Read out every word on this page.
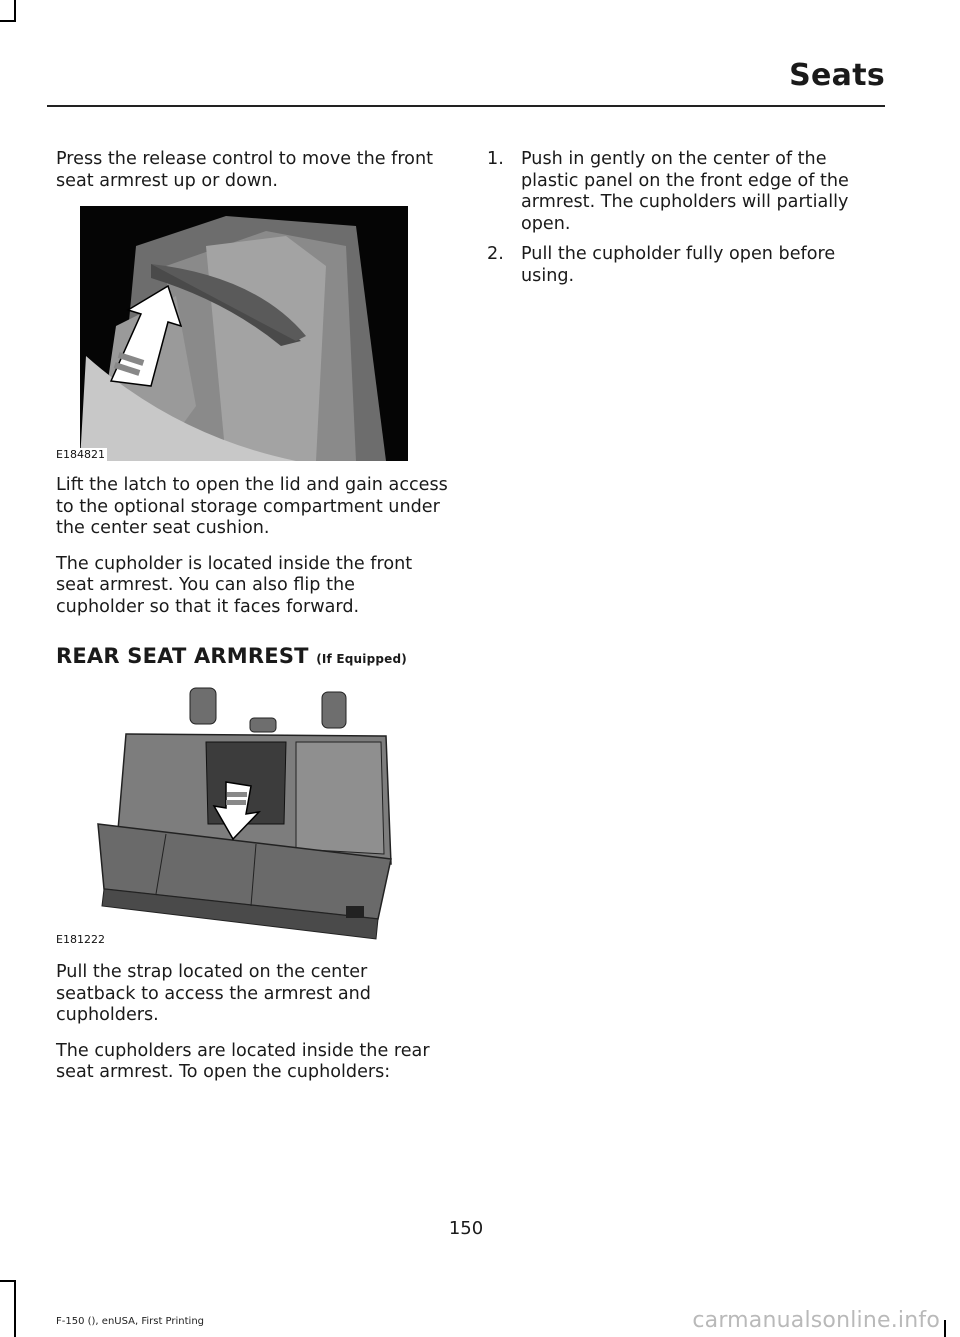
Seats

Press the release control to move the front seat armrest up or down.

E184821

Lift the latch to open the lid and gain access to the optional storage compartment under the center seat cushion.

The cupholder is located inside the front seat armrest. You can also flip the cupholder so that it faces forward.

REAR SEAT ARMREST (If Equipped)
E181222

Pull the strap located on the center seatback to access the armrest and cupholders.

The cupholders are located inside the rear seat armrest. To open the cupholders:

1. Push in gently on the center of the plastic panel on the front edge of the armrest. The cupholders will partially open.
2. Pull the cupholder fully open before using.
150
F-150 (), enUSA, First Printing	carmanualsonline.info
